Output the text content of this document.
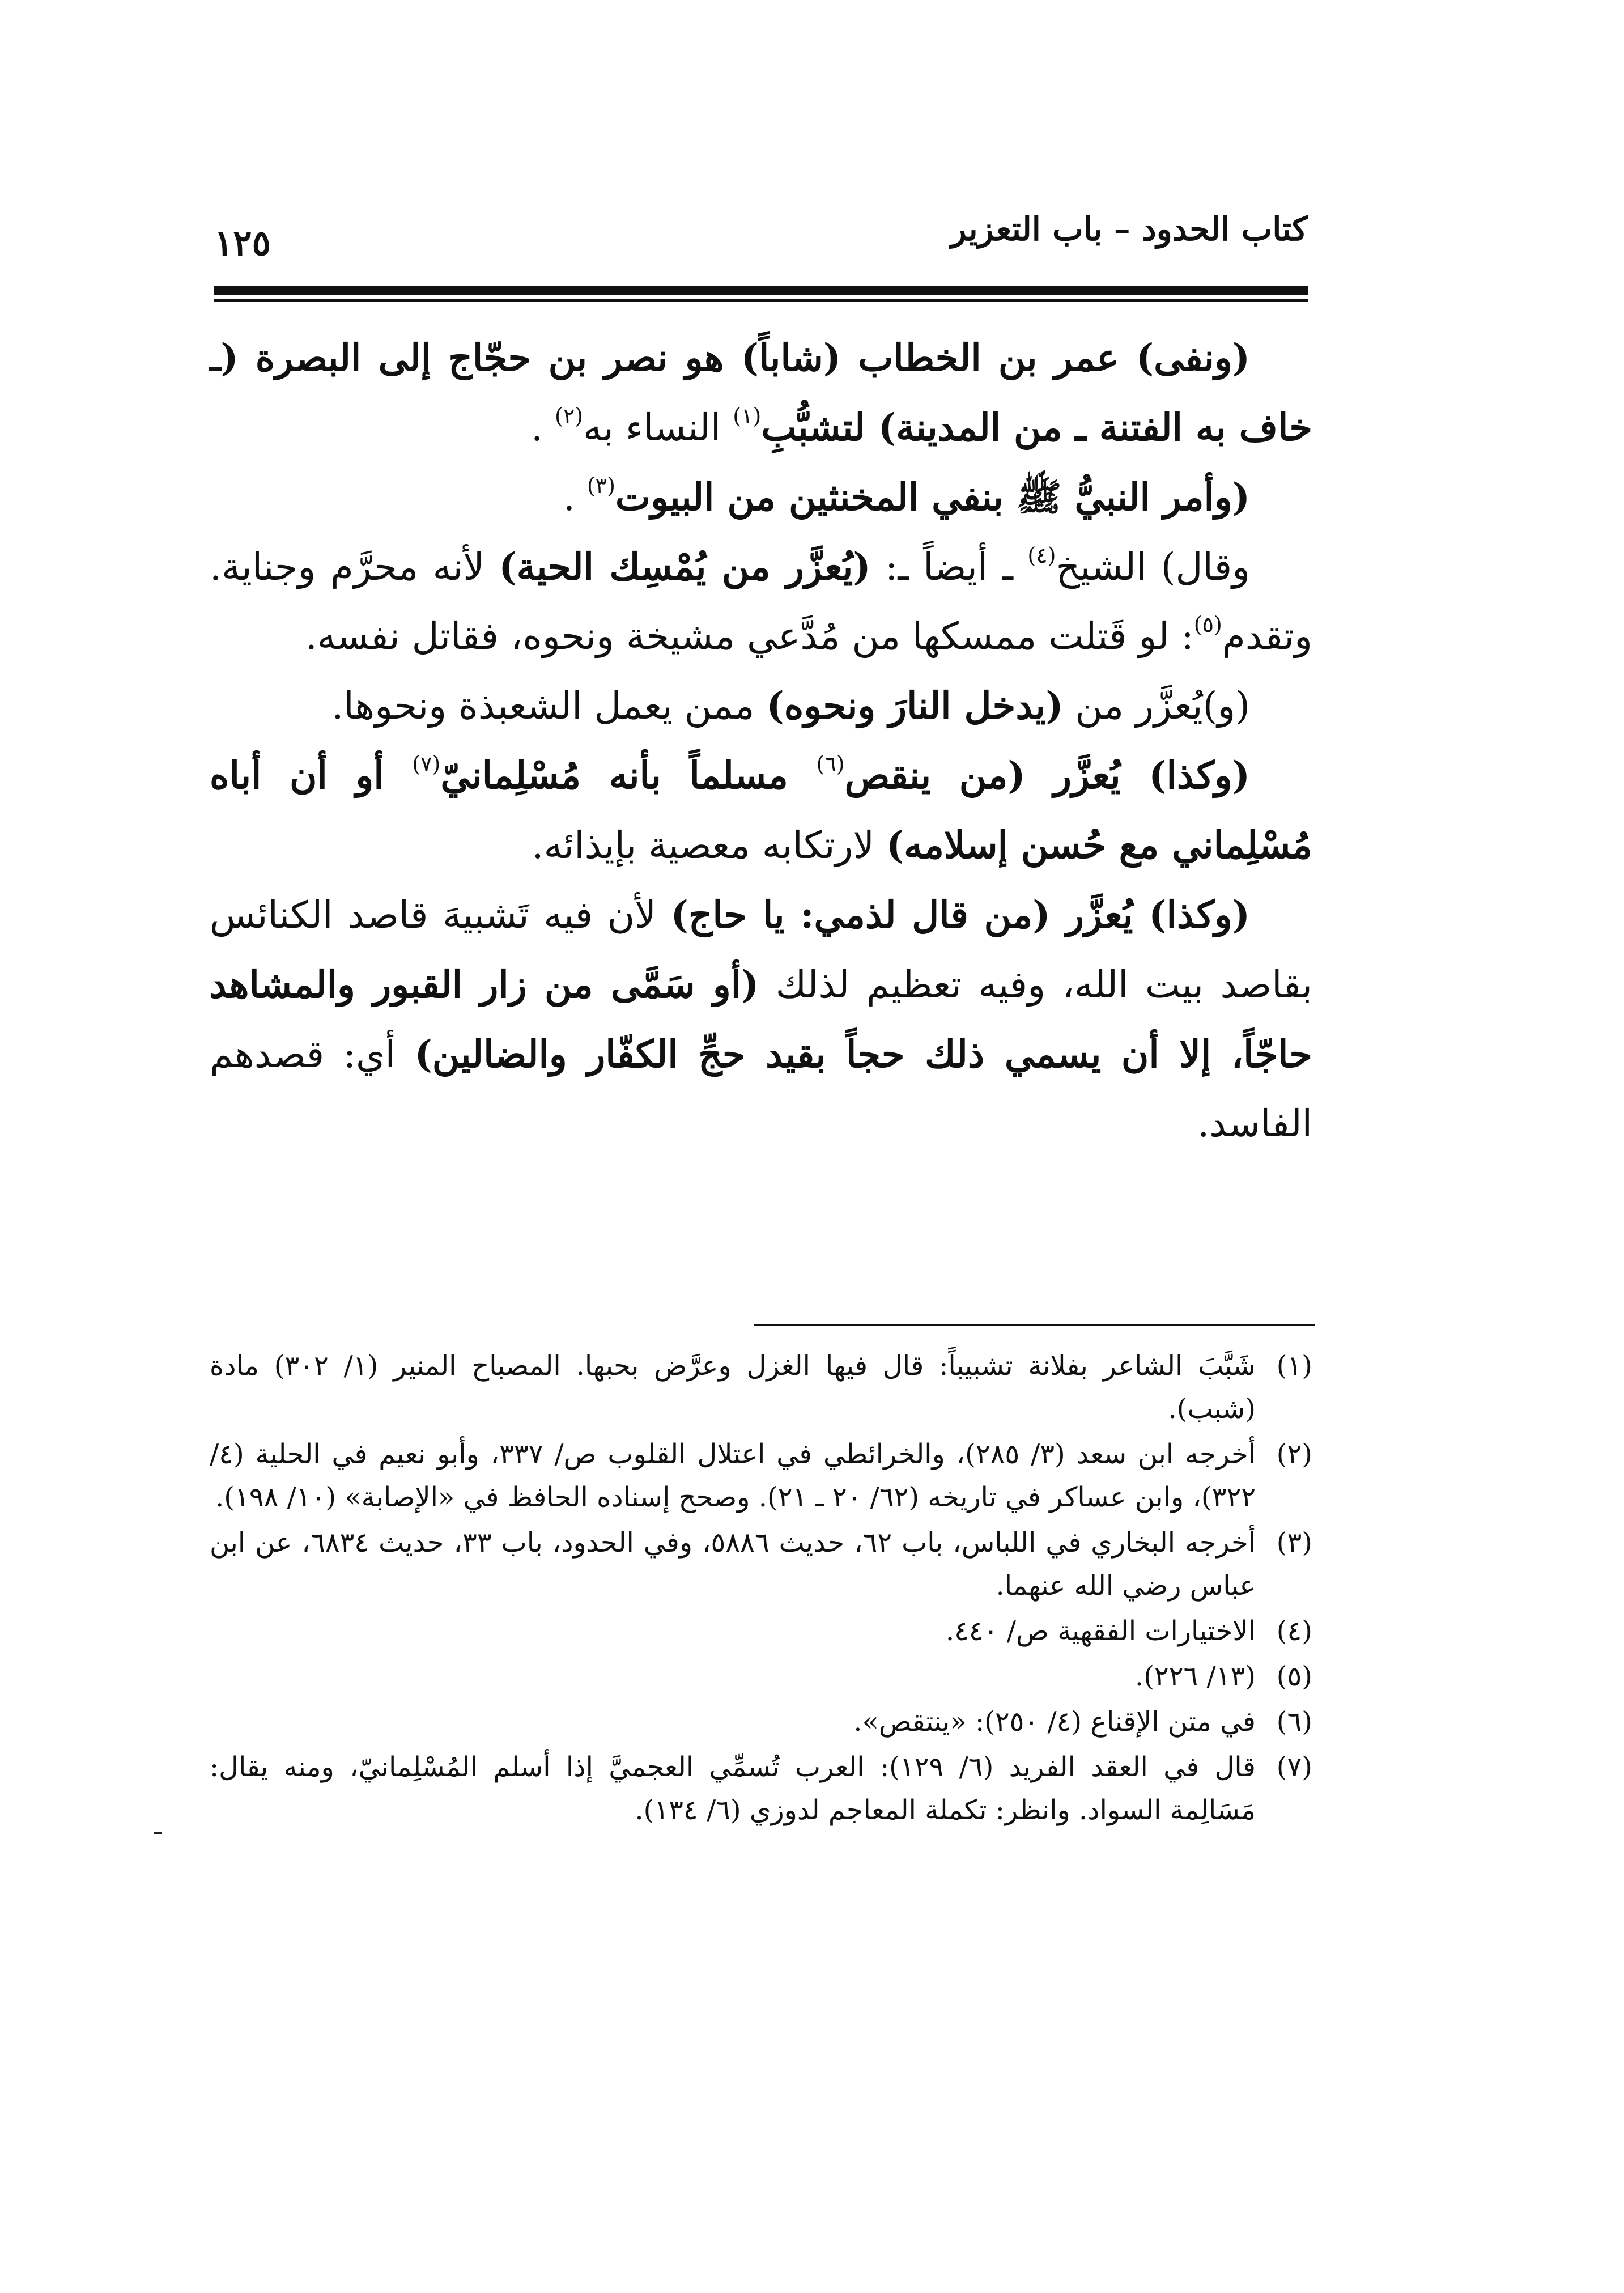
كتاب الحدود – باب التعزير
١٢٥

(ونفى) عمر بن الخطاب (شاباً) هو نصر بن حجّاج إلى البصرة (ـ خاف به الفتنة ـ من المدينة) لتشبُّبِ$^{(١)}$ النساء به$^{(٢)}$ .

(وأمر النبيُّ ﷺ بنفي المخنثين من البيوت$^{(٣)}$ .

وقال) الشيخ$^{(٤)}$ ـ أيضاً ـ: (يُعزَّر من يُمْسِك الحية) لأنه محرَّم وجناية. وتقدم$^{(٥)}$: لو قَتلت ممسكها من مُدَّعي مشيخة ونحوه، فقاتل نفسه.

(و)يُعزَّر من (يدخل النارَ ونحوه) ممن يعمل الشعبذة ونحوها.

(وكذا) يُعزَّر (من ينقص$^{(٦)}$ مسلماً بأنه مُسْلِمانيّ$^{(٧)}$ أو أن أباه مُسْلِماني مع حُسن إسلامه) لارتكابه معصية بإيذائه.

(وكذا) يُعزَّر (من قال لذمي: يا حاج) لأن فيه تَشبيهَ قاصد الكنائس بقاصد بيت الله، وفيه تعظيم لذلك (أو سَمَّى من زار القبور والمشاهد حاجّاً، إلا أن يسمي ذلك حجاً بقيد حجِّ الكفّار والضالين) أي: قصدهم الفاسد.

(١)
شَبَّبَ الشاعر بفلانة تشبيباً: قال فيها الغزل وعرَّض بحبها. المصباح المنير (١/ ٣٠٢) مادة (شبب).
(٢)
أخرجه ابن سعد (٣/ ٢٨٥)، والخرائطي في اعتلال القلوب ص/ ٣٣٧، وأبو نعيم في الحلية (٤/ ٣٢٢)، وابن عساكر في تاريخه (٦٢/ ٢٠ ـ ٢١). وصحح إسناده الحافظ في «الإصابة» (١٠/ ١٩٨).
(٣)
أخرجه البخاري في اللباس، باب ٦٢، حديث ٥٨٨٦، وفي الحدود، باب ٣٣، حديث ٦٨٣٤، عن ابن عباس رضي الله عنهما.
(٤)
الاختيارات الفقهية ص/ ٤٤٠.
(٥)
(١٣/ ٢٢٦).
(٦)
في متن الإقناع (٤/ ٢٥٠): «ينتقص».
(٧)
قال في العقد الفريد (٦/ ١٢٩): العرب تُسمِّي العجميَّ إذا أسلم المُسْلِمانيّ، ومنه يقال: مَسَالِمة السواد. وانظر: تكملة المعاجم لدوزي (٦/ ١٣٤).
